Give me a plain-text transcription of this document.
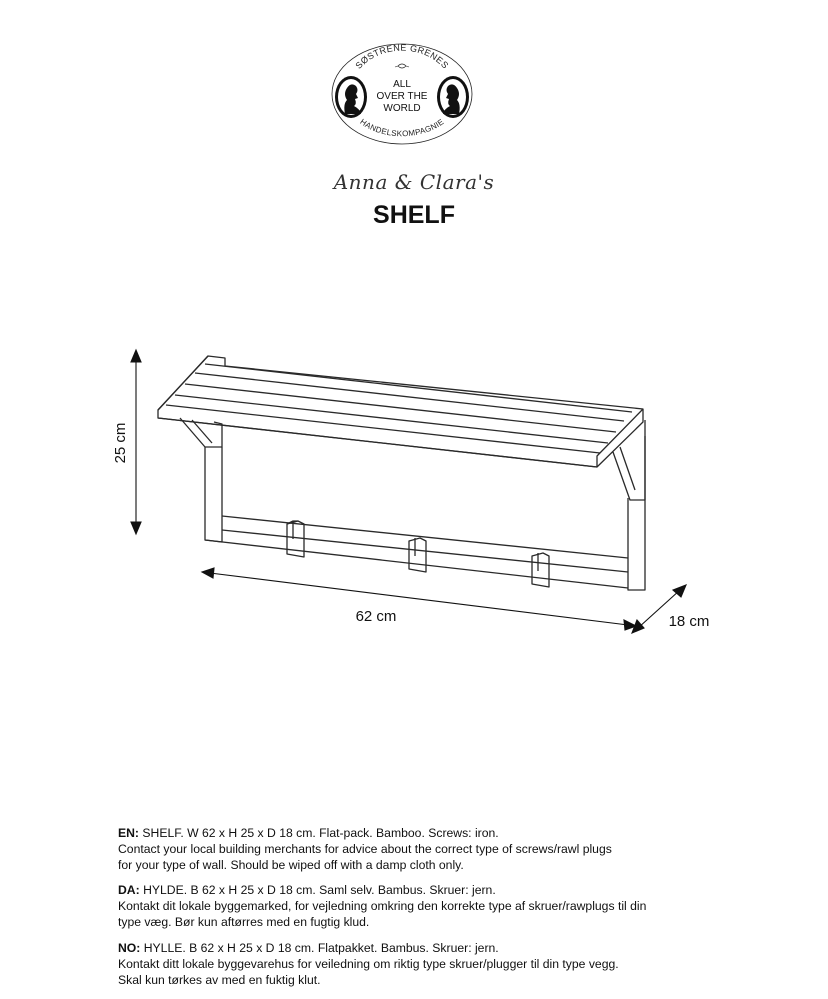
SØSTRENE GRENES
HANDELSKOMPAGNIE
ALL
OVER THE
WORLD
Anna & Clara's
SHELF
25 cm
62 cm	18 cm

EN: SHELF. W 62 x H 25 x D 18 cm. Flat-pack. Bamboo. Screws: iron.

Contact your local building merchants for advice about the correct type of screws/rawl plugs

for your type of wall. Should be wiped off with a damp cloth only.

DA: HYLDE. B 62 x H 25 x D 18 cm. Saml selv. Bambus. Skruer: jern.

Kontakt dit lokale byggemarked, for vejledning omkring den korrekte type af skruer/rawplugs til din

type væg. Bør kun aftørres med en fugtig klud.

NO: HYLLE. B 62 x H 25 x D 18 cm. Flatpakket. Bambus. Skruer: jern.

Kontakt ditt lokale byggevarehus for veiledning om riktig type skruer/plugger til din type vegg.

Skal kun tørkes av med en fuktig klut.
